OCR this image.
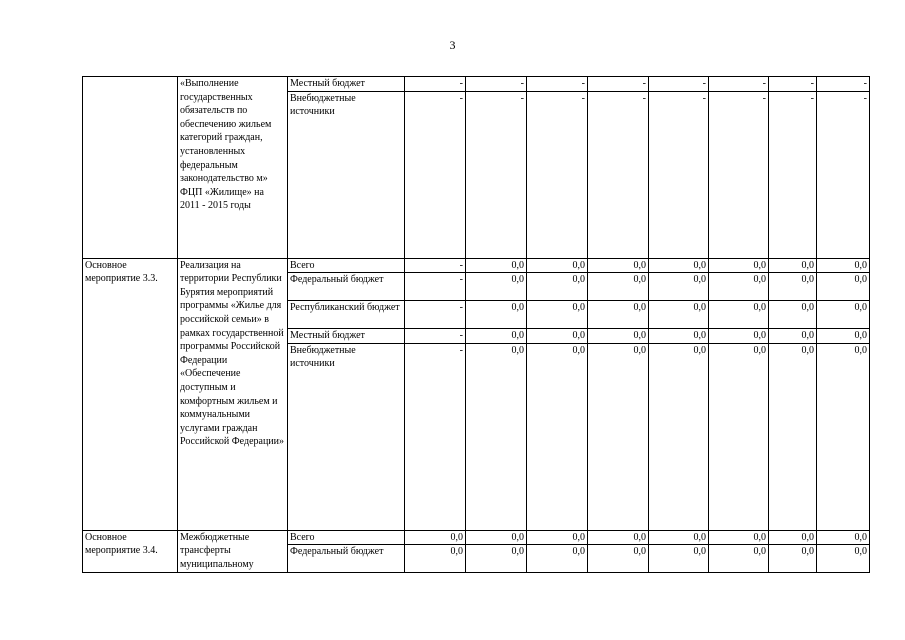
3
	«Выполнение государственных обязательств по обеспечению жильем категорий граждан, установленных федеральным законодательство м» ФЦП «Жилище» на 2011 - 2015 годы	Местный бюджет	-	-	-	-	-	-	-	-
		Внебюджетные источники	-	-	-	-	-	-	-	-
Основное мероприятие 3.3.	Реализация на территории Республики Бурятия мероприятий программы «Жилье для российской семьи» в рамках государственной программы Российской Федерации «Обеспечение доступным и комфортным жильем и коммунальными услугами граждан Российской Федерации»	Всего	-	0,0	0,0	0,0	0,0	0,0	0,0	0,0
		Федеральный бюджет	-	0,0	0,0	0,0	0,0	0,0	0,0	0,0
		Республиканский бюджет	-	0,0	0,0	0,0	0,0	0,0	0,0	0,0
		Местный бюджет	-	0,0	0,0	0,0	0,0	0,0	0,0	0,0
		Внебюджетные источники	-	0,0	0,0	0,0	0,0	0,0	0,0	0,0
Основное мероприятие 3.4.	Межбюджетные трансферты муниципальному	Всего	0,0	0,0	0,0	0,0	0,0	0,0	0,0	0,0
		Федеральный бюджет	0,0	0,0	0,0	0,0	0,0	0,0	0,0	0,0
